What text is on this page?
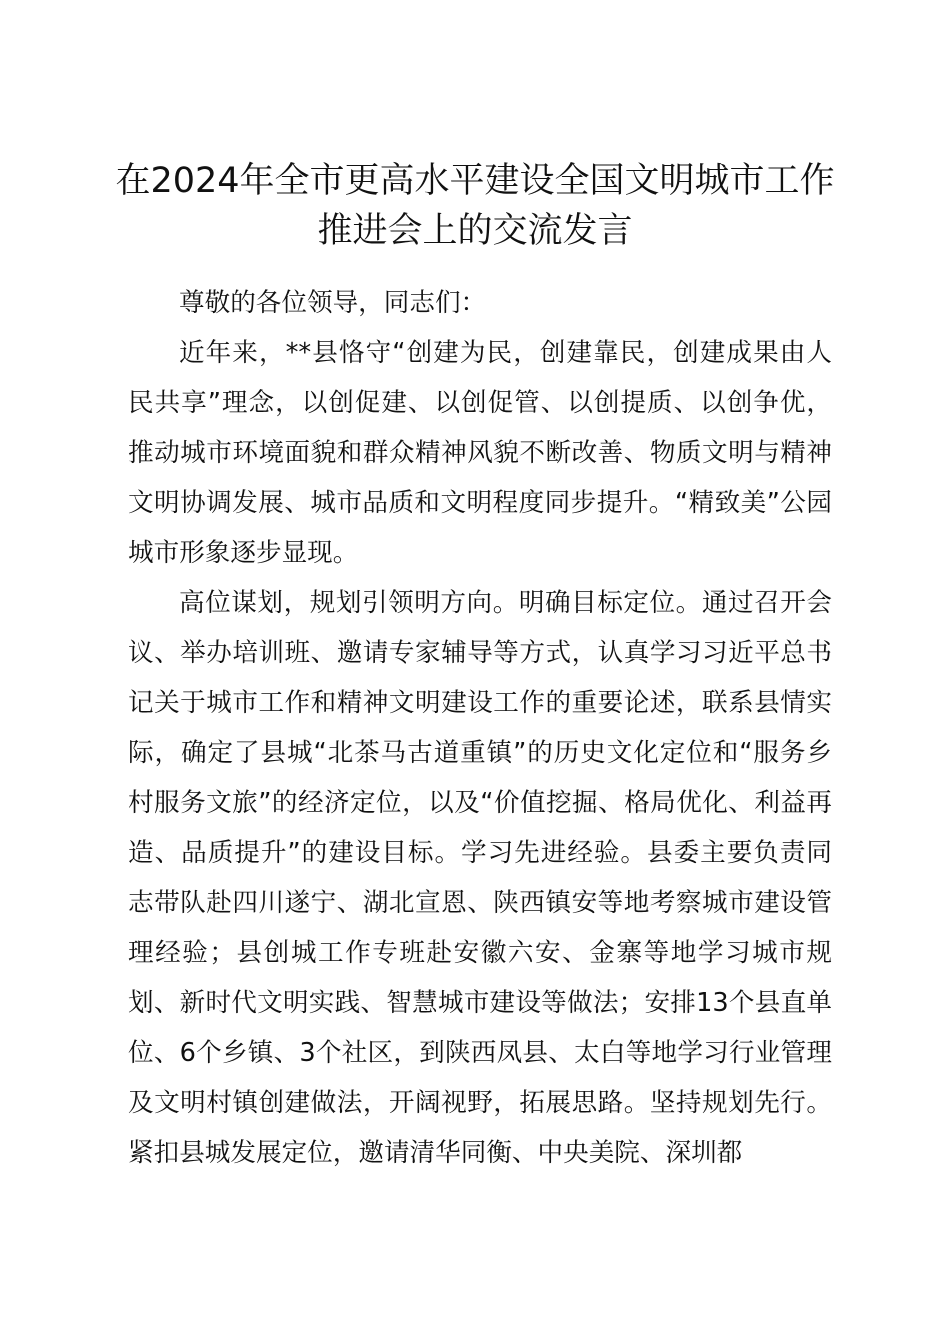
在2024年全市更高水平建设全国文明城市工作推进会上的交流发言

尊敬的各位领导，同志们：

近年来，**县恪守“创建为民，创建靠民，创建成果由人民共享”理念，以创促建、以创促管、以创提质、以创争优，推动城市环境面貌和群众精神风貌不断改善、物质文明与精神文明协调发展、城市品质和文明程度同步提升。“精致美”公园城市形象逐步显现。

高位谋划，规划引领明方向。明确目标定位。通过召开会议、举办培训班、邀请专家辅导等方式，认真学习习近平总书记关于城市工作和精神文明建设工作的重要论述，联系县情实际，确定了县城“北茶马古道重镇”的历史文化定位和“服务乡村服务文旅”的经济定位，以及“价值挖掘、格局优化、利益再造、品质提升”的建设目标。学习先进经验。县委主要负责同志带队赴四川遂宁、湖北宣恩、陕西镇安等地考察城市建设管理经验；县创城工作专班赴安徽六安、金寨等地学习城市规划、新时代文明实践、智慧城市建设等做法；安排13个县直单位、6个乡镇、3个社区，到陕西凤县、太白等地学习行业管理及文明村镇创建做法，开阔视野，拓展思路。坚持规划先行。紧扣县城发展定位，邀请清华同衡、中央美院、深圳都
